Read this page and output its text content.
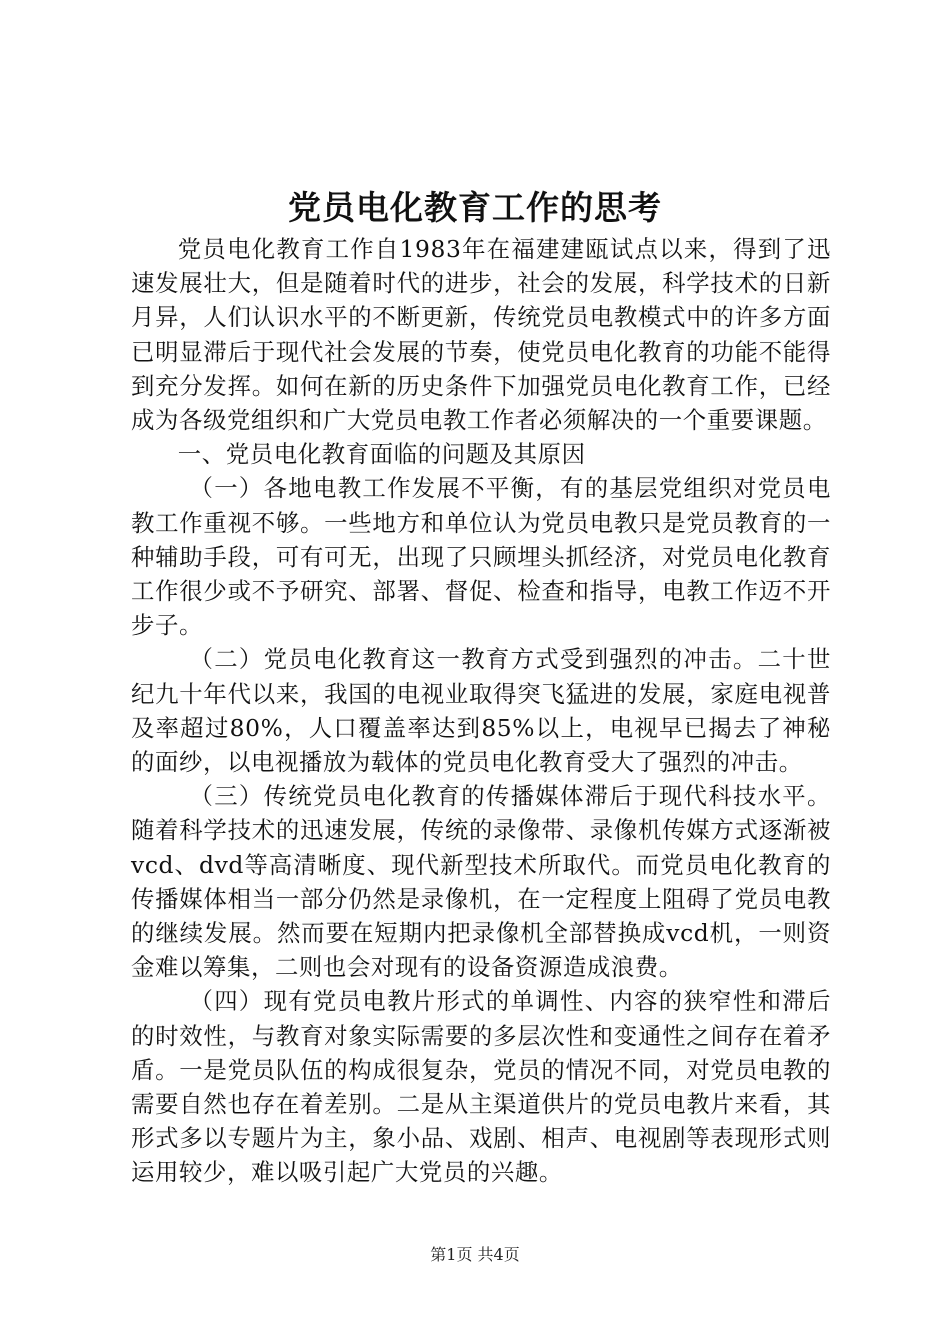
党员电化教育工作的思考

党员电化教育工作自1983年在福建建瓯试点以来，得到了迅速发展壮大，但是随着时代的进步，社会的发展，科学技术的日新月异，人们认识水平的不断更新，传统党员电教模式中的许多方面已明显滞后于现代社会发展的节奏，使党员电化教育的功能不能得到充分发挥。如何在新的历史条件下加强党员电化教育工作，已经成为各级党组织和广大党员电教工作者必须解决的一个重要课题。

一、党员电化教育面临的问题及其原因

（一）各地电教工作发展不平衡，有的基层党组织对党员电教工作重视不够。一些地方和单位认为党员电教只是党员教育的一种辅助手段，可有可无，出现了只顾埋头抓经济，对党员电化教育工作很少或不予研究、部署、督促、检查和指导，电教工作迈不开步子。

（二）党员电化教育这一教育方式受到强烈的冲击。二十世纪九十年代以来，我国的电视业取得突飞猛进的发展，家庭电视普及率超过80%，人口覆盖率达到85%以上，电视早已揭去了神秘的面纱，以电视播放为载体的党员电化教育受大了强烈的冲击。

（三）传统党员电化教育的传播媒体滞后于现代科技水平。随着科学技术的迅速发展，传统的录像带、录像机传媒方式逐渐被vcd、dvd等高清晰度、现代新型技术所取代。而党员电化教育的传播媒体相当一部分仍然是录像机，在一定程度上阻碍了党员电教的继续发展。然而要在短期内把录像机全部替换成vcd机，一则资金难以筹集，二则也会对现有的设备资源造成浪费。

（四）现有党员电教片形式的单调性、内容的狭窄性和滞后的时效性，与教育对象实际需要的多层次性和变通性之间存在着矛盾。一是党员队伍的构成很复杂，党员的情况不同，对党员电教的需要自然也存在着差别。二是从主渠道供片的党员电教片来看，其形式多以专题片为主，象小品、戏剧、相声、电视剧等表现形式则运用较少，难以吸引起广大党员的兴趣。

第1页 共4页
